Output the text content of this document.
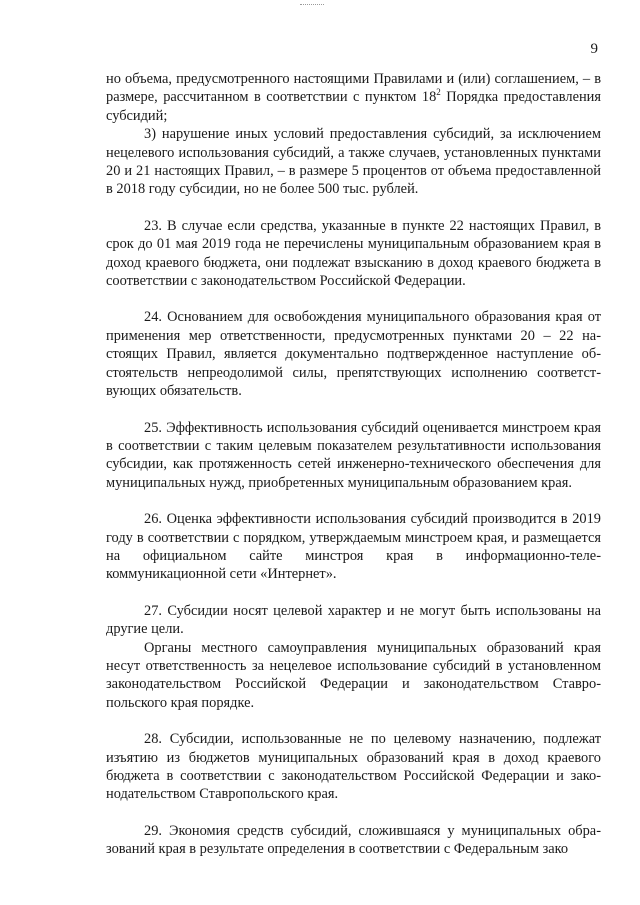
9

но объема, предусмотренного настоящими Правилами и (или) соглашением, – в размере, рассчитанном в соответствии с пунктом $18^2$ Порядка предоставления субсидий;

3) нарушение иных условий предоставления субсидий, за исключением нецелевого использования субсидий, а также случаев, установленных пунктами 20 и 21 настоящих Правил, – в размере 5 процентов от объема предоставленной в 2018 году субсидии, но не более 500 тыс. рублей.

23. В случае если средства, указанные в пункте 22 настоящих Правил, в срок до 01 мая 2019 года не перечислены муниципальным образованием края в доход краевого бюджета, они подлежат взысканию в доход краевого бюджета в соответствии с законодательством Российской Федерации.

24. Основанием для освобождения муниципального образования края от применения мер ответственности, предусмотренных пунктами 20 – 22 настоящих Правил, является документально подтвержденное наступление обстоятельств непреодолимой силы, препятствующих исполнению соответствующих обязательств.

25. Эффективность использования субсидий оценивается минстроем края в соответствии с таким целевым показателем результативности использования субсидии, как протяженность сетей инженерно-технического обеспечения для муниципальных нужд, приобретенных муниципальным образованием края.

26. Оценка эффективности использования субсидий производится в 2019 году в соответствии с порядком, утверждаемым минстроем края, и размещается на официальном сайте минстроя края в информационно-телекоммуникационной сети «Интернет».

27. Субсидии носят целевой характер и не могут быть использованы на другие цели.

Органы местного самоуправления муниципальных образований края несут ответственность за нецелевое использование субсидий в установленном законодательством Российской Федерации и законодательством Ставропольского края порядке.

28. Субсидии, использованные не по целевому назначению, подлежат изъятию из бюджетов муниципальных образований края в доход краевого бюджета в соответствии с законодательством Российской Федерации и законодательством Ставропольского края.

29. Экономия средств субсидий, сложившаяся у муниципальных образований края в результате определения в соответствии с Федеральным зако
